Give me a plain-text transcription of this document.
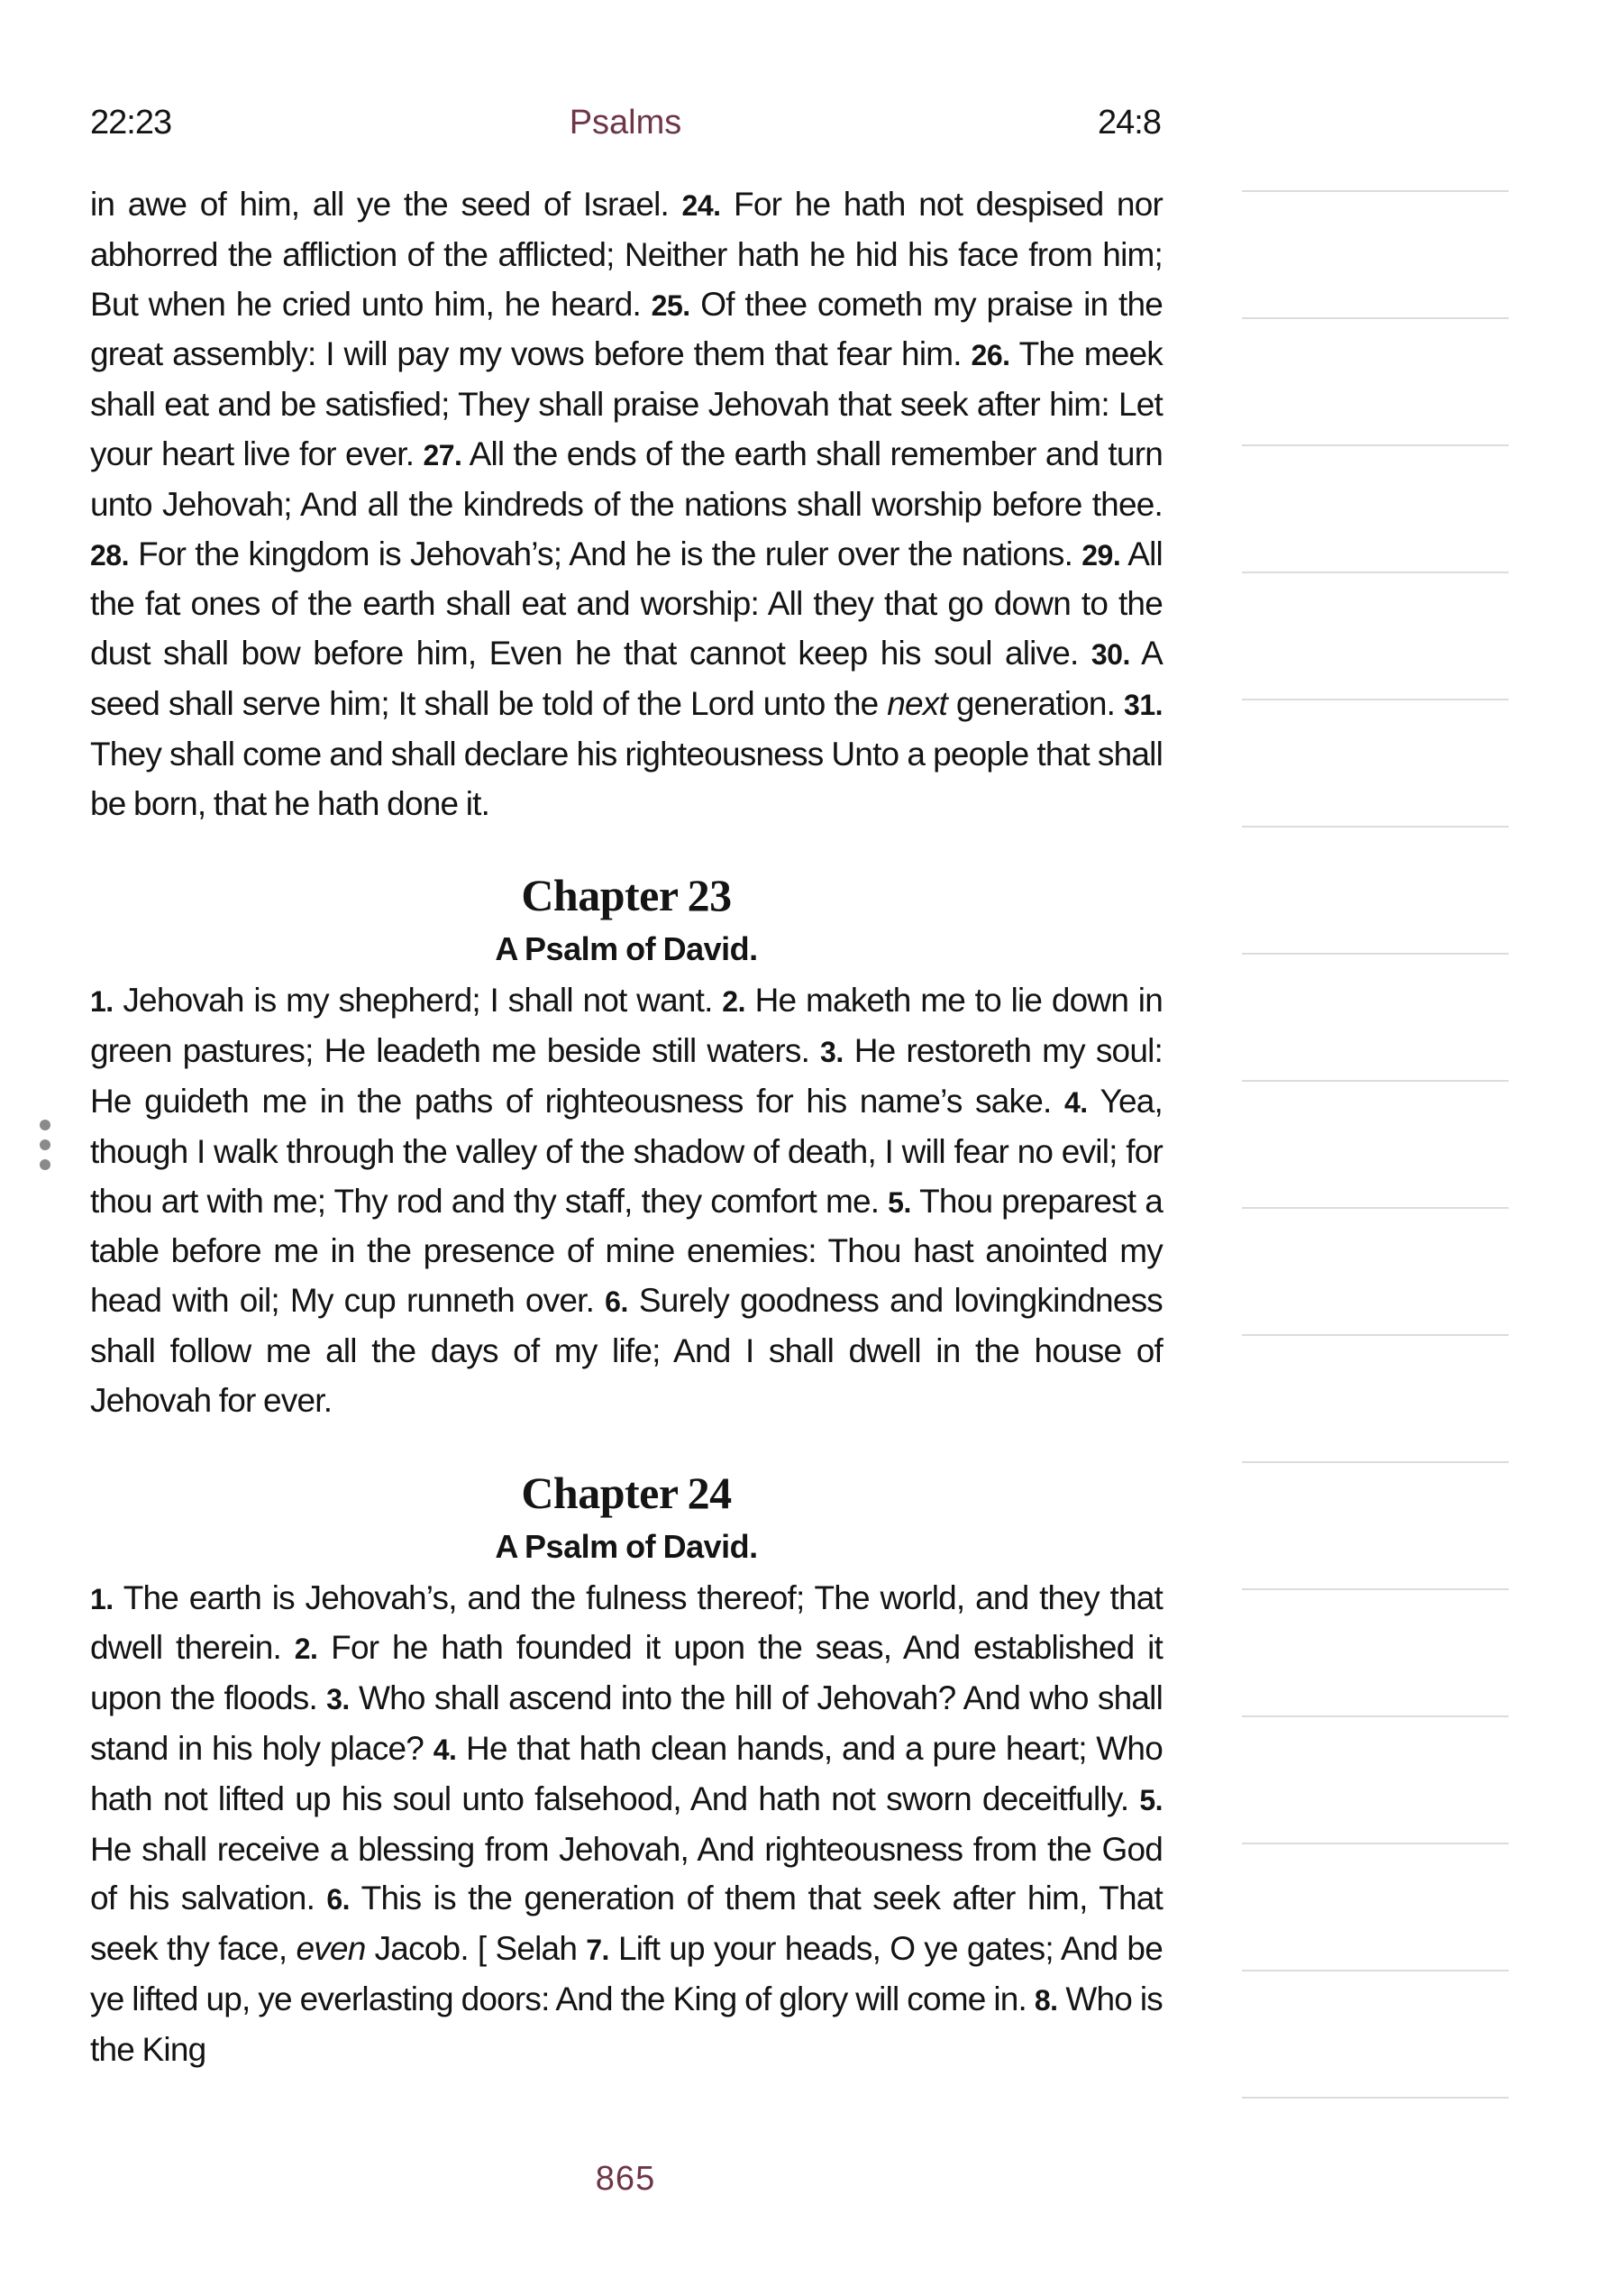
22:23	Psalms	24:8

in awe of him, all ye the seed of Israel. 24. For he hath not despised nor abhorred the affliction of the afflicted; Neither hath he hid his face from him; But when he cried unto him, he heard. 25. Of thee cometh my praise in the great assembly: I will pay my vows before them that fear him. 26. The meek shall eat and be satisfied; They shall praise Jehovah that seek after him: Let your heart live for ever. 27. All the ends of the earth shall remember and turn unto Jehovah; And all the kindreds of the nations shall worship before thee. 28. For the kingdom is Jehovah’s; And he is the ruler over the nations. 29. All the fat ones of the earth shall eat and worship: All they that go down to the dust shall bow before him, Even he that cannot keep his soul alive. 30. A seed shall serve him; It shall be told of the Lord unto the next generation. 31. They shall come and shall declare his righteousness Unto a people that shall be born, that he hath done it.

Chapter 23
A Psalm of David.

1. Jehovah is my shepherd; I shall not want. 2. He maketh me to lie down in green pastures; He leadeth me beside still waters. 3. He restoreth my soul: He guideth me in the paths of righteousness for his name’s sake. 4. Yea, though I walk through the valley of the shadow of death, I will fear no evil; for thou art with me; Thy rod and thy staff, they comfort me. 5. Thou preparest a table before me in the presence of mine enemies: Thou hast anointed my head with oil; My cup runneth over. 6. Surely goodness and lovingkindness shall follow me all the days of my life; And I shall dwell in the house of Jehovah for ever.

Chapter 24
A Psalm of David.

1. The earth is Jehovah’s, and the fulness thereof; The world, and they that dwell therein. 2. For he hath founded it upon the seas, And established it upon the floods. 3. Who shall ascend into the hill of Jehovah? And who shall stand in his holy place? 4. He that hath clean hands, and a pure heart; Who hath not lifted up his soul unto falsehood, And hath not sworn deceitfully. 5. He shall receive a blessing from Jehovah, And righteousness from the God of his salvation. 6. This is the generation of them that seek after him, That seek thy face, even Jacob. [ Selah 7. Lift up your heads, O ye gates; And be ye lifted up, ye everlasting doors: And the King of glory will come in. 8. Who is the King

865
